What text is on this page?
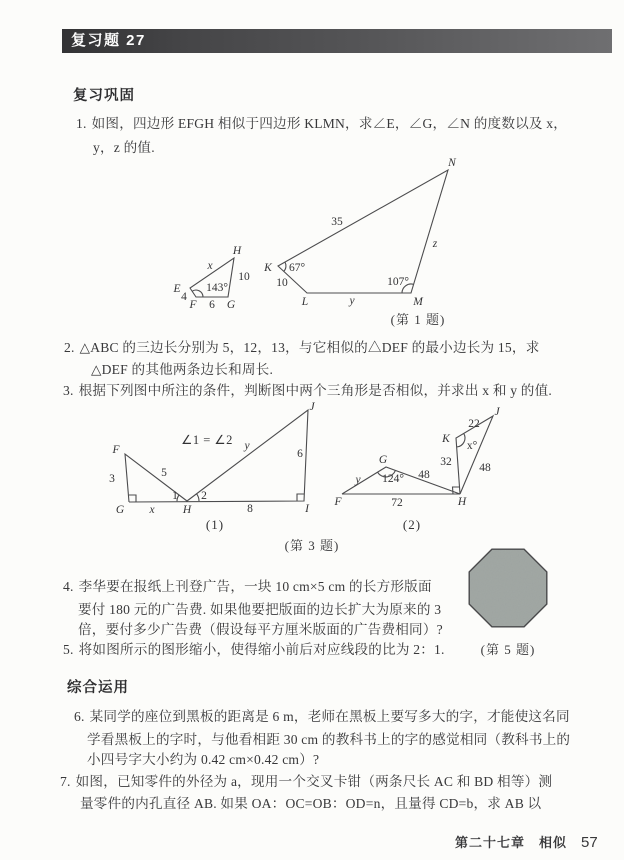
复习题 27
复习巩固
1. 如图，四边形 EFGH 相似于四边形 KLMN，求∠E，∠G，∠N 的度数以及 x，
y，z 的值.
E
F	G
H
x
10
143°
4
6
K
L	M
N
35
z
67°
10
y
107°
(第 1 题)
2. △ABC 的三边长分别为 5，12，13，与它相似的△DEF 的最小边长为 15，求
△DEF 的其他两条边长和周长.
3. 根据下列图中所注的条件，判断图中两个三角形是否相似，并求出 x 和 y 的值.
F
G	H	I
J
3	5
x	8
6
y
1 2
∠1 = ∠2
(1)
F
G
H
K
J
y 124° 48
72
32
22
48
x°
(2)
(第 3 题)
4. 李华要在报纸上刊登广告，一块 10 cm×5 cm 的长方形版面
要付 180 元的广告费. 如果他要把版面的边长扩大为原来的 3
倍，要付多少广告费（假设每平方厘米版面的广告费相同）?
5. 将如图所示的图形缩小，使得缩小前后对应线段的比为 2：1.	(第 5 题)
综合运用
6. 某同学的座位到黑板的距离是 6 m，老师在黑板上要写多大的字，才能使这名同
学看黑板上的字时，与他看相距 30 cm 的教科书上的字的感觉相同（教科书上的
小四号字大小约为 0.42 cm×0.42 cm）?
7. 如图，已知零件的外径为 a，现用一个交叉卡钳（两条尺长 AC 和 BD 相等）测
量零件的内孔直径 AB. 如果 OA：OC=OB：OD=n，且量得 CD=b，求 AB 以
第二十七章　相似 57
